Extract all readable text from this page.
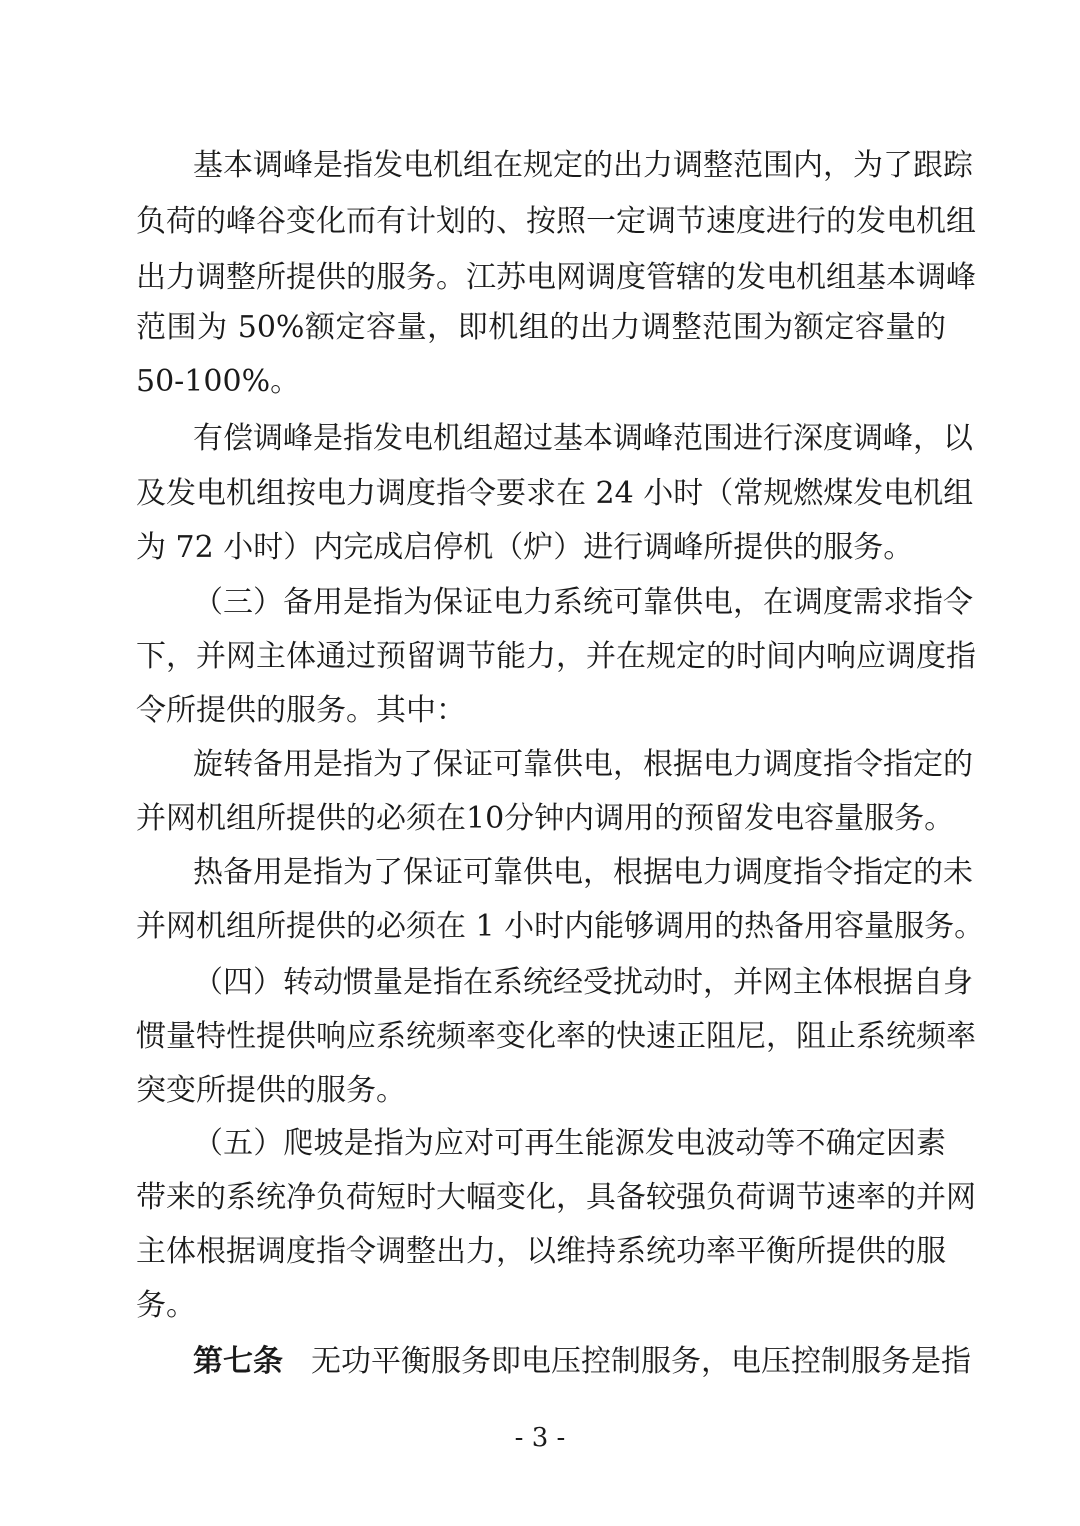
基本调峰是指发电机组在规定的出力调整范围内，为了跟踪
负荷的峰谷变化而有计划的、按照一定调节速度进行的发电机组
出力调整所提供的服务。江苏电网调度管辖的发电机组基本调峰
范围为 50%额定容量，即机组的出力调整范围为额定容量的
50-100%。
有偿调峰是指发电机组超过基本调峰范围进行深度调峰，以
及发电机组按电力调度指令要求在 24 小时（常规燃煤发电机组
为 72 小时）内完成启停机（炉）进行调峰所提供的服务。
（三）备用是指为保证电力系统可靠供电，在调度需求指令
下，并网主体通过预留调节能力，并在规定的时间内响应调度指
令所提供的服务。其中：
旋转备用是指为了保证可靠供电，根据电力调度指令指定的
并网机组所提供的必须在10分钟内调用的预留发电容量服务。
热备用是指为了保证可靠供电，根据电力调度指令指定的未
并网机组所提供的必须在 1 小时内能够调用的热备用容量服务。
（四）转动惯量是指在系统经受扰动时，并网主体根据自身
惯量特性提供响应系统频率变化率的快速正阻尼，阻止系统频率
突变所提供的服务。
（五）爬坡是指为应对可再生能源发电波动等不确定因素
带来的系统净负荷短时大幅变化，具备较强负荷调节速率的并网
主体根据调度指令调整出力，以维持系统功率平衡所提供的服
务。
第七条 无功平衡服务即电压控制服务，电压控制服务是指
- 3 -
